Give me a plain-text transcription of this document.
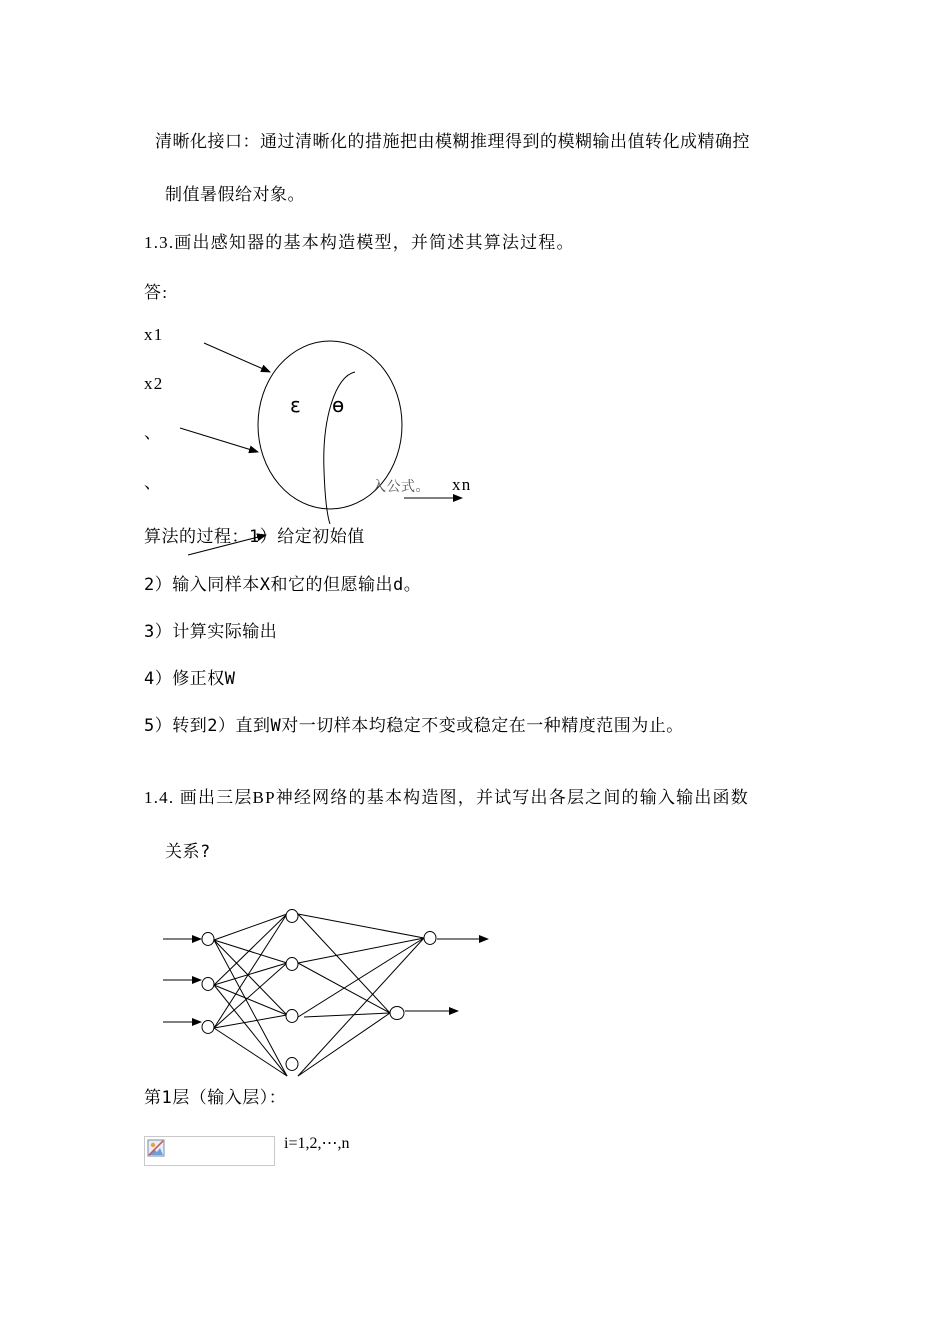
清晰化接口：通过清晰化的措施把由模糊推理得到的模糊输出值转化成精确控
制值暑假给对象。
1.3.画出感知器的基本构造模型，并简述其算法过程。
答:
x1
x2
、
、
ε ɵ
入公式。 xn
算法的过程：1）给定初始值
2）输入同样本X和它的但愿输出d。
3）计算实际输出
4）修正权W
5）转到2）直到W对一切样本均稳定不变或稳定在一种精度范围为止。
1.4. 画出三层BP神经网络的基本构造图，并试写出各层之间的输入输出函数
关系?
第1层（输入层）：
i=1,2,⋯,n
